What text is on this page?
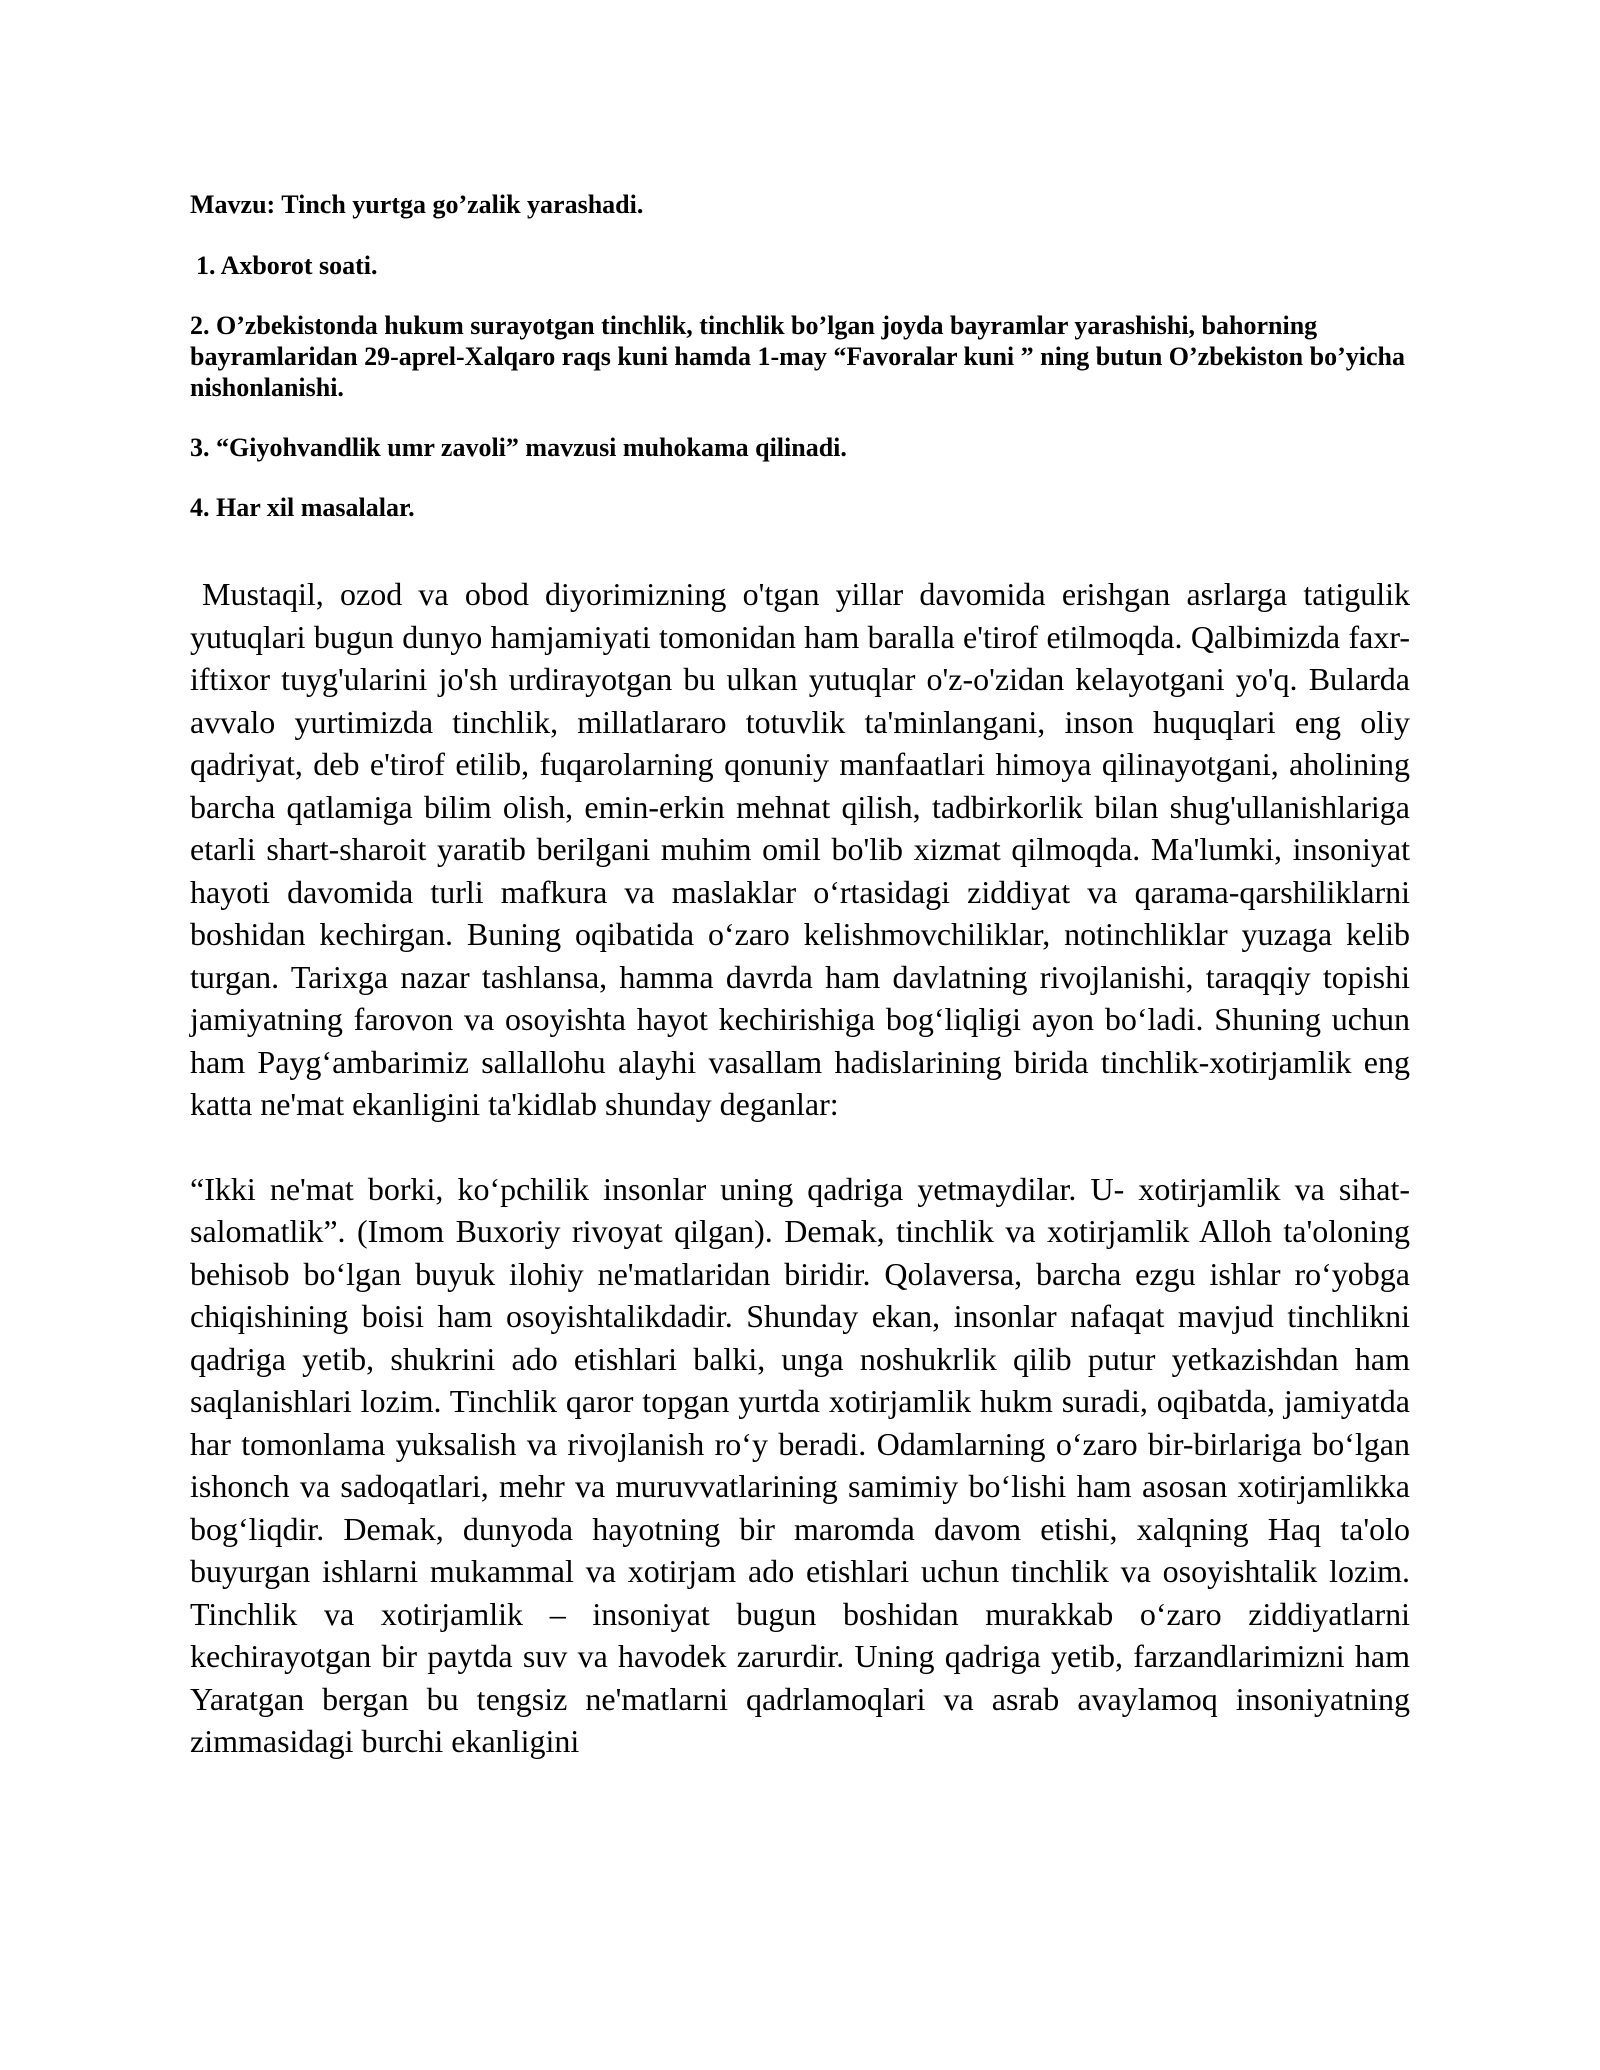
Mavzu: Tinch yurtga go’zalik yarashadi.

1. Axborot soati.

2. O’zbekistonda hukum surayotgan tinchlik, tinchlik bo’lgan joyda bayramlar yarashishi, bahorning bayramlaridan 29-aprel-Xalqaro raqs kuni hamda 1-may “Favoralar kuni ” ning butun O’zbekiston bo’yicha nishonlanishi.

3. “Giyohvandlik umr zavoli” mavzusi muhokama qilinadi.

4. Har xil masalalar.

Mustaqil, ozod va obod diyorimizning o'tgan yillar davomida erishgan asrlarga tatigulik yutuqlari bugun dunyo hamjamiyati tomonidan ham baralla e'tirof etilmoqda. Qalbimizda faxr-iftixor tuyg'ularini jo'sh urdirayotgan bu ulkan yutuqlar o'z-o'zidan kelayotgani yo'q. Bularda avvalo yurtimizda tinchlik, millatlararo totuvlik ta'minlangani, inson huquqlari eng oliy qadriyat, deb e'tirof etilib, fuqarolarning qonuniy manfaatlari himoya qilinayotgani, aholining barcha qatlamiga bilim olish, emin-erkin mehnat qilish, tadbirkorlik bilan shug'ullanishlariga etarli shart-sharoit yaratib berilgani muhim omil bo'lib xizmat qilmoqda. Ma'lumki, insoniyat hayoti davomida turli mafkura va maslaklar o‘rtasidagi ziddiyat va qarama-qarshiliklarni boshidan kechirgan. Buning oqibatida o‘zaro kelishmovchiliklar, notinchliklar yuzaga kelib turgan. Tarixga nazar tashlansa, hamma davrda ham davlatning rivojlanishi, taraqqiy topishi jamiyatning farovon va osoyishta hayot kechirishiga bog‘liqligi ayon bo‘ladi. Shuning uchun ham Payg‘ambarimiz sallallohu alayhi vasallam hadislarining birida tinchlik-xotirjamlik eng katta ne'mat ekanligini ta'kidlab shunday deganlar:

“Ikki ne'mat borki, ko‘pchilik insonlar uning qadriga yetmaydilar. U- xotirjamlik va sihat-salomatlik”. (Imom Buxoriy rivoyat qilgan). Demak, tinchlik va xotirjamlik Alloh ta'oloning behisob bo‘lgan buyuk ilohiy ne'matlaridan biridir. Qolaversa, barcha ezgu ishlar ro‘yobga chiqishining boisi ham osoyishtalikdadir. Shunday ekan, insonlar nafaqat mavjud tinchlikni qadriga yetib, shukrini ado etishlari balki, unga noshukrlik qilib putur yetkazishdan ham saqlanishlari lozim. Tinchlik qaror topgan yurtda xotirjamlik hukm suradi, oqibatda, jamiyatda har tomonlama yuksalish va rivojlanish ro‘y beradi. Odamlarning o‘zaro bir-birlariga bo‘lgan ishonch va sadoqatlari, mehr va muruvvatlarining samimiy bo‘lishi ham asosan xotirjamlikka bog‘liqdir. Demak, dunyoda hayotning bir maromda davom etishi, xalqning Haq ta'olo buyurgan ishlarni mukammal va xotirjam ado etishlari uchun tinchlik va osoyishtalik lozim. Tinchlik va xotirjamlik – insoniyat bugun boshidan murakkab o‘zaro ziddiyatlarni kechirayotgan bir paytda suv va havodek zarurdir. Uning qadriga yetib, farzandlarimizni ham Yaratgan bergan bu tengsiz ne'matlarni qadrlamoqlari va asrab avaylamoq insoniyatning zimmasidagi burchi ekanligini
